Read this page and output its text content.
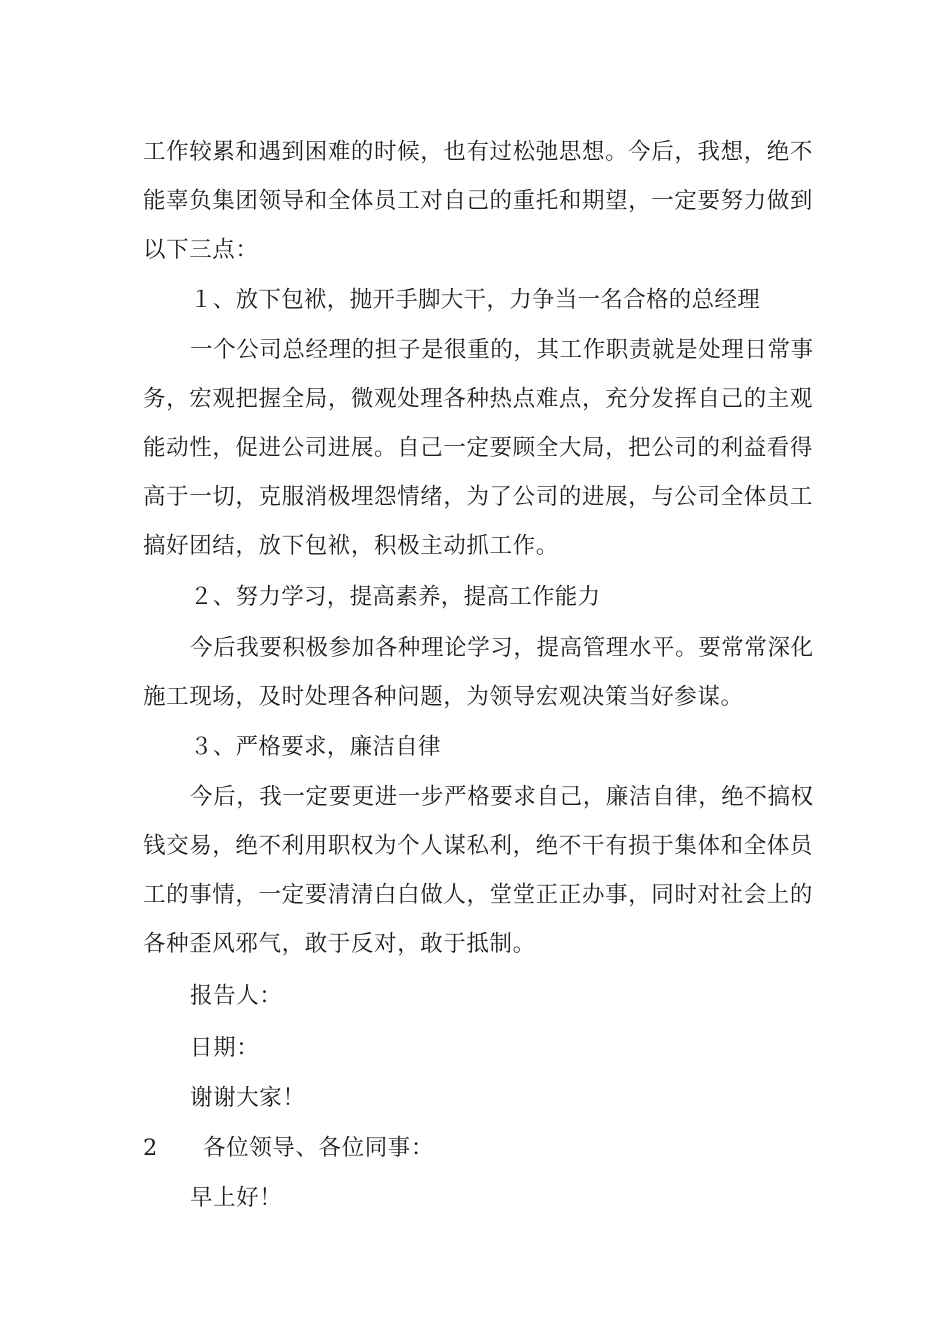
工作较累和遇到困难的时候，也有过松弛思想。今后，我想，绝不
能辜负集团领导和全体员工对自己的重托和期望，一定要努力做到
以下三点：
１、放下包袱，抛开手脚大干，力争当一名合格的总经理
一个公司总经理的担子是很重的，其工作职责就是处理日常事
务，宏观把握全局，微观处理各种热点难点，充分发挥自己的主观
能动性，促进公司进展。自己一定要顾全大局，把公司的利益看得
高于一切，克服消极埋怨情绪，为了公司的进展，与公司全体员工
搞好团结，放下包袱，积极主动抓工作。
２、努力学习，提高素养，提高工作能力
今后我要积极参加各种理论学习，提高管理水平。要常常深化
施工现场，及时处理各种问题，为领导宏观决策当好参谋。
３、严格要求，廉洁自律
今后，我一定要更进一步严格要求自己，廉洁自律，绝不搞权
钱交易，绝不利用职权为个人谋私利，绝不干有损于集体和全体员
工的事情，一定要清清白白做人，堂堂正正办事，同时对社会上的
各种歪风邪气，敢于反对，敢于抵制。
报告人：
日期：
谢谢大家！
2	各位领导、各位同事：
早上好！
